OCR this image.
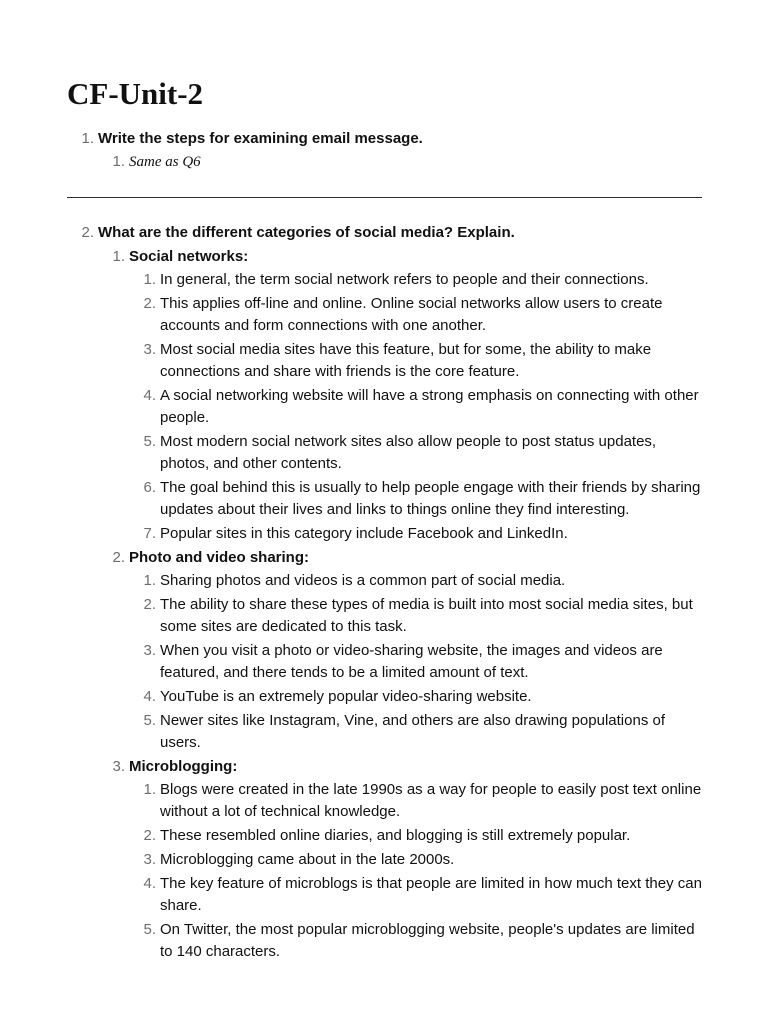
CF-Unit-2
1. Write the steps for examining email message.
1. Same as Q6
2. What are the different categories of social media? Explain.
1. Social networks:
1. In general, the term social network refers to people and their connections.
2. This applies off-line and online. Online social networks allow users to create accounts and form connections with one another.
3. Most social media sites have this feature, but for some, the ability to make connections and share with friends is the core feature.
4. A social networking website will have a strong emphasis on connecting with other people.
5. Most modern social network sites also allow people to post status updates, photos, and other contents.
6. The goal behind this is usually to help people engage with their friends by sharing updates about their lives and links to things online they find interesting.
7. Popular sites in this category include Facebook and LinkedIn.
2. Photo and video sharing:
1. Sharing photos and videos is a common part of social media.
2. The ability to share these types of media is built into most social media sites, but some sites are dedicated to this task.
3. When you visit a photo or video-sharing website, the images and videos are featured, and there tends to be a limited amount of text.
4. YouTube is an extremely popular video-sharing website.
5. Newer sites like Instagram, Vine, and others are also drawing populations of users.
3. Microblogging:
1. Blogs were created in the late 1990s as a way for people to easily post text online without a lot of technical knowledge.
2. These resembled online diaries, and blogging is still extremely popular.
3. Microblogging came about in the late 2000s.
4. The key feature of microblogs is that people are limited in how much text they can share.
5. On Twitter, the most popular microblogging website, people's updates are limited to 140 characters.
